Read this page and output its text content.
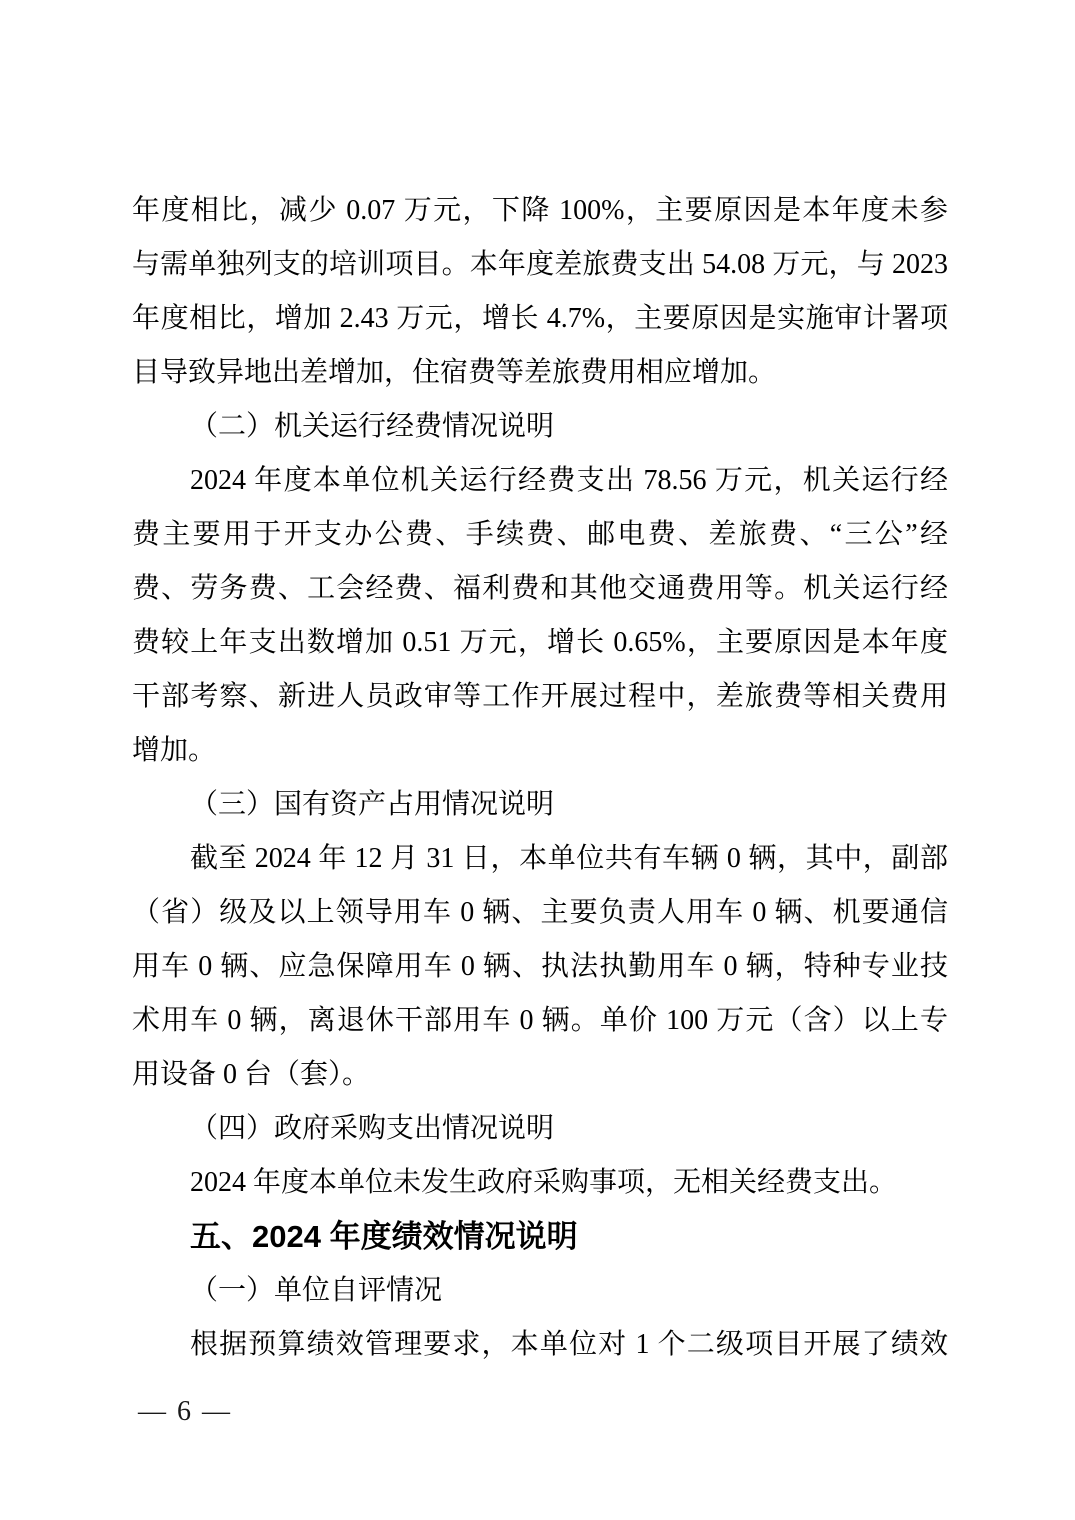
年度相比，减少 0.07 万元，下降 100%，主要原因是本年度未参
与需单独列支的培训项目。本年度差旅费支出 54.08 万元，与 2023
年度相比，增加 2.43 万元，增长 4.7%，主要原因是实施审计署项
目导致异地出差增加，住宿费等差旅费用相应增加。
（二）机关运行经费情况说明
2024 年度本单位机关运行经费支出 78.56 万元，机关运行经
费主要用于开支办公费、手续费、邮电费、差旅费、“三公”经
费、劳务费、工会经费、福利费和其他交通费用等。机关运行经
费较上年支出数增加 0.51 万元，增长 0.65%，主要原因是本年度
干部考察、新进人员政审等工作开展过程中，差旅费等相关费用
增加。
（三）国有资产占用情况说明
截至 2024 年 12 月 31 日，本单位共有车辆 0 辆，其中，副部
（省）级及以上领导用车 0 辆、主要负责人用车 0 辆、机要通信
用车 0 辆、应急保障用车 0 辆、执法执勤用车 0 辆，特种专业技
术用车 0 辆，离退休干部用车 0 辆。单价 100 万元（含）以上专
用设备 0 台（套）。
（四）政府采购支出情况说明
2024 年度本单位未发生政府采购事项，无相关经费支出。
五、2024 年度绩效情况说明
（一）单位自评情况
根据预算绩效管理要求，本单位对 1 个二级项目开展了绩效
— 6 —
